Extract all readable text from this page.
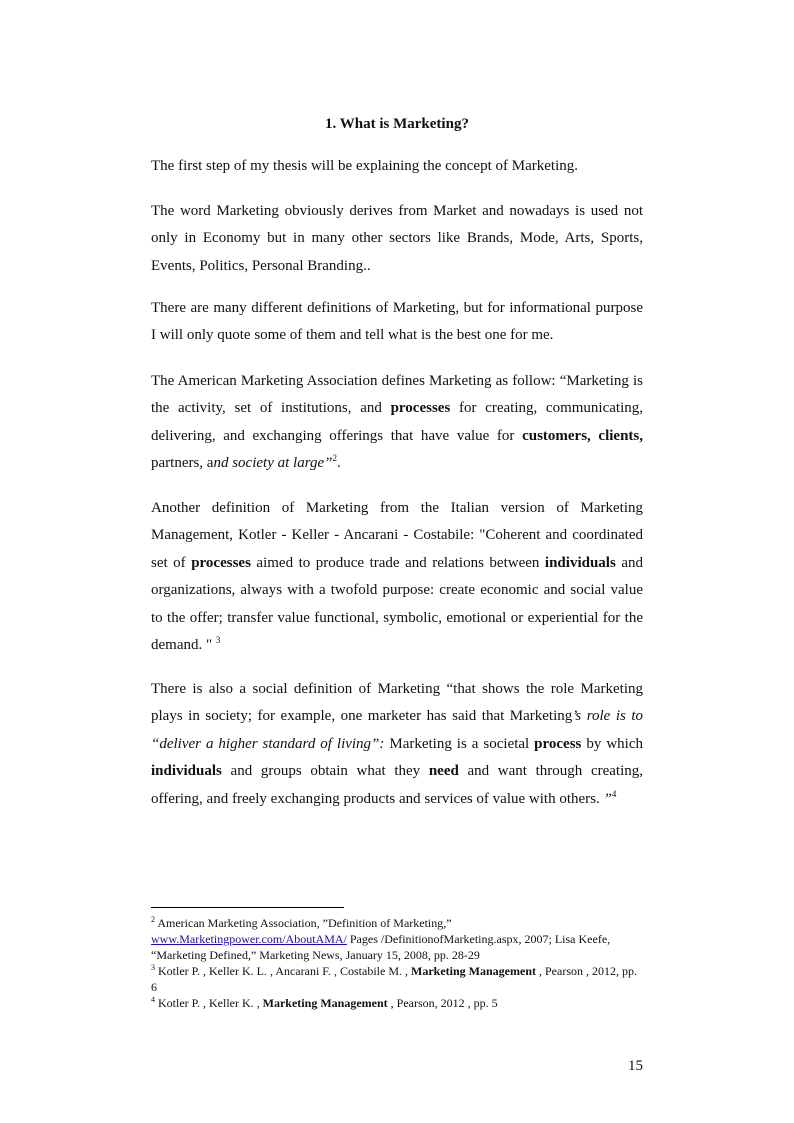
1. What is Marketing?

The first step of my thesis will be explaining the concept of Marketing.

The word Marketing obviously derives from Market and nowadays is used not only in Economy but in many other sectors like Brands, Mode, Arts, Sports, Events, Politics, Personal Branding..

There are many different definitions of Marketing, but for informational purpose I will only quote some of them and tell what is the best one for me.

The American Marketing Association defines Marketing as follow: “Marketing is the activity, set of institutions, and processes for creating, communicating, delivering, and exchanging offerings that have value for customers, clients, partners, and society at large”$^2$.

Another definition of Marketing from the Italian version of Marketing Management, Kotler - Keller - Ancarani - Costabile: "Coherent and coordinated set of processes aimed to produce trade and relations between individuals and organizations, always with a twofold purpose: create economic and social value to the offer; transfer value functional, symbolic, emotional or experiential for the demand. " $^3$

There is also a social definition of Marketing “that shows the role Marketing plays in society; for example, one marketer has said that Marketing’s role is to “deliver a higher standard of living”: Marketing is a societal process by which individuals and groups obtain what they need and want through creating, offering, and freely exchanging products and services of value with others. ”$^4$

$^2$ American Marketing Association, ”Definition of Marketing,”
www.Marketingpower.com/AboutAMA/ Pages /DefinitionofMarketing.aspx, 2007; Lisa Keefe, “Marketing Defined,” Marketing News, January 15, 2008, pp. 28-29

$^3$ Kotler P. , Keller K. L. , Ancarani F. , Costabile M. , Marketing Management , Pearson , 2012, pp. 6

$^4$ Kotler P. , Keller K. , Marketing Management , Pearson, 2012 , pp. 5

15
